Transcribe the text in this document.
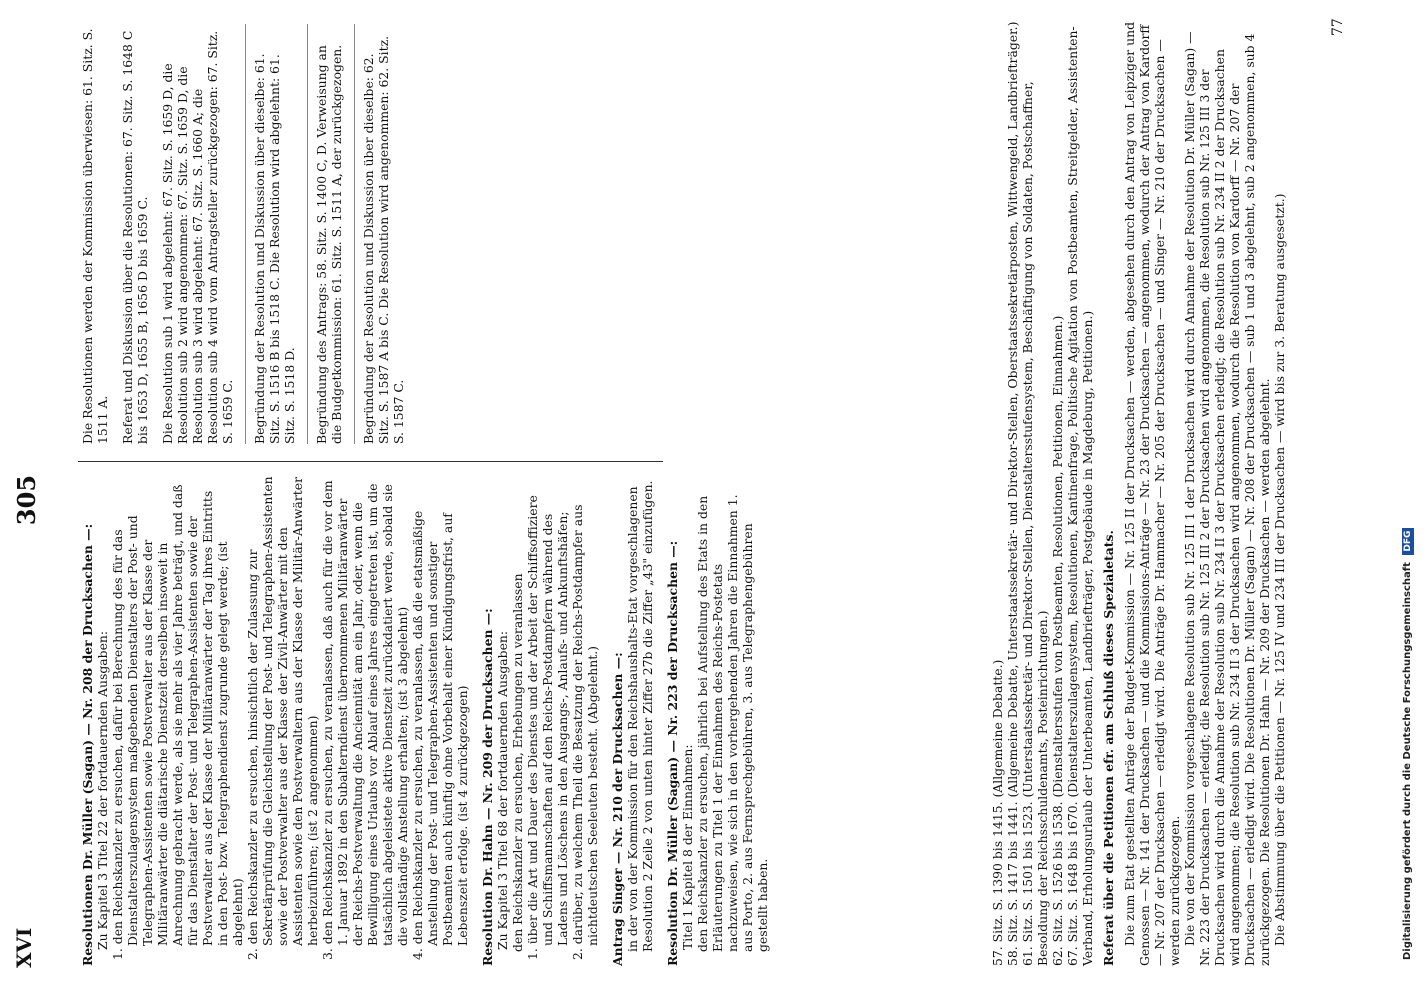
XVI
305
Resolutionen Dr. Müller (Sagan) — Nr. 208 der Drucksachen —: Zu Kapitel 3 Titel 22 der fortdauernden Ausgaben: 1. den Reichskanzler zu ersuchen, dafür bei Berechnung des für das Dienstalterszulagensystem maßgebenden Dienstalters der Post- und Telegraphen-Assistenten sowie Postverwalter aus der Klasse der Militäranwärter die diätarische Dienstzeit derselben insoweit in Anrechnung gebracht werde, als sie mehr als vier Jahre beträgt, und daß für das Dienstalter der Post- und Telegraphen-Assistenten sowie der Postverwalter aus der Klasse der Militäranwärter der Tag ihres Eintritts in den Post- bzw. Telegraphendienst zugrunde gelegt werde; (ist abgelehnt) 2. den Reichskanzler zu ersuchen, hinsichtlich der Zulassung zur Sekretärprüfung die Gleichstellung der Post- und Telegraphen-Assistenten sowie der Postverwalter aus der Klasse der Zivil-Anwärter mit den Assistenten sowie den Postverwaltern aus der Klasse der Militär-Anwärter herbeizuführen; (ist 2 angenommen) 3. den Reichskanzler zu ersuchen, zu veranlassen, daß auch für die vor dem 1. Januar 1892 in den Subalterndienst übernommenen Militäranwärter der Reichs-Postverwaltung die Anciennität am ein Jahr, oder, wenn die Bewilligung eines Urlaubs vor Ablauf eines Jahres eingetreten ist, um die tatsächlich abgeleistete aktive Dienstzeit zurückdatiert werde, sobald sie die vollständige Anstellung erhalten; (ist 3 abgelehnt) 4. den Reichskanzler zu ersuchen, zu veranlassen, daß die etatsmäßige Anstellung der Post- und Telegraphen-Assistenten und sonstiger Postbeamten auch künftig ohne Vorbehalt einer Kündigungsfrist, auf Lebenszeit erfolge. (ist 4 zurückgezogen) Resolution Dr. Hahn — Nr. 209 der Drucksachen —: Zu Kapitel 3 Titel 68 der fortdauernden Ausgaben: den Reichskanzler zu ersuchen, Erhebungen zu veranlassen 1. über die Art und Dauer des Dienstes und der Arbeit der Schiffsoffiziere und Schiffsmannschaften auf den Reichs-Postdampfern während des Ladens und Löschens in den Ausgangs-, Anlaufs- und Ankunftshäfen; 2. darüber, zu welchem Theil die Besatzung der Reichs-Postdampfer aus nichtdeutschen Seeleuten besteht. (Abgelehnt.) Antrag Singer — Nr. 210 der Drucksachen —: in der von der Kommission für den Reichshaushalts-Etat vorgeschlagenen Resolution 2 Zeile 2 von unten hinter Ziffer 27b die Ziffer „43" einzufügen. Resolution Dr. Müller (Sagan) — Nr. 223 der Drucksachen —: Titel 1 Kapitel 8 der Einnahmen: den Reichskanzler zu ersuchen, jährlich bei Aufstellung des Etats in den Erläuterungen zu Titel 1 der Einnahmen des Reichs-Postetats nachzuweisen, wie sich in den vorhergehenden Jahren die Einnahmen 1. aus Porto, 2. aus Fernsprechgebühren, 3. aus Telegraphengebühren gestellt haben.
Die Resolutionen werden der Kommission überwiesen: 61. Sitz. S. 1511 A. Referat und Diskussion über die Resolutionen: 67. Sitz. S. 1648 C bis 1653 D, 1655 B, 1656 D bis 1659 C. Die Resolution sub 1 wird abgelehnt: 67. Sitz. S. 1659 D, die Resolution sub 2 wird angenommen: 67. Sitz. S. 1659 D, die Resolution sub 3 wird abgelehnt: 67. Sitz. S. 1660 A; die Resolution sub 4 wird vom Antragsteller zurückgezogen: 67. Sitz. S. 1659 C. Begründung der Resolution und Diskussion über dieselbe: 61. Sitz. S. 1516 B bis 1518 C. Die Resolution wird abgelehnt: 61. Sitz. S. 1518 D. Begründung des Antrags: 58. Sitz. S. 1400 C, D. Verweisung an die Budgetkommission: 61. Sitz. S. 1511 A, der zurückgezogen. Begründung der Resolution und Diskussion über dieselbe: 62. Sitz. S. 1587 A bis C. Die Resolution wird angenommen: 62. Sitz. S. 1587 C.
57. Sitz. S. 1390 bis 1415. (Allgemeine Debatte.) 58. Sitz. S. 1417 bis 1441. (Allgemeine Debatte, Unterstaatssekretär- und Direktor-Stellen, Oberstaatssekretärposten, Wittwengeld, Landbriefträger.) 61. Sitz. S. 1501 bis 1523. (Unterstaatssekretär- und Direktor-Stellen, Dienstaltersstufensystem, Beschäftigung von Soldaten, Postschaffner, Besoldung der Reichsschuldenamts, Posteinrichtungen.) 62. Sitz. S. 1526 bis 1538. (Dienstaltersstufen von Postbeamten, Resolutionen, Petitionen, Einnahmen.) 67. Sitz. S. 1648 bis 1670. (Dienstalterszulagensystem, Resolutionen, Kantinenfrage, Politische Agitation von Postbeamten, Streitgelder, Assistenten-Verband, Erholungsurlaub der Unterbeamten, Landbriefträger, Postgebäude in Magdeburg, Petitionen.) Referat über die Petitionen efr. am Schluß dieses Spezialetats. Die zum Etat gestellten Anträge der Budget-Kommission — Nr. 125 II der Drucksachen — werden, abgesehen durch den Antrag von Leipziger und Genossen — Nr. 141 der Drucksachen — und die Kommissions-Anträge — Nr. 23 der Drucksachen — angenommen, wodurch der Antrag von Kardorff — Nr. 207 der Drucksachen — erledigt wird. Die Anträge Dr. Hammacher — Nr. 205 der Drucksachen — und Singer — Nr. 210 der Drucksachen — werden zurückgezogen. Die von der Kommission vorgeschlagene Resolution sub Nr. 125 III 1 der Drucksachen wird durch Annahme der Resolution Dr. Müller (Sagan) — Nr. 223 der Drucksachen — erledigt; die Resolution sub Nr. 125 III 2 der Drucksachen wird angenommen, die Resolution sub Nr. 125 III 3 der Drucksachen wird durch die Annahme der Resolution sub Nr. 234 II 3 der Drucksachen erledigt; die Resolution sub Nr. 234 II 2 der Drucksachen wird angenommen; die Resolution sub Nr. 234 II 3 der Drucksachen wird angenommen, wodurch die Resolution von Kardorff — Nr. 207 der Drucksachen — erledigt wird. Die Resolutionen Dr. Müller (Sagan) — Nr. 208 der Drucksachen — sub 1 und 3 abgelehnt, sub 2 angenommen, sub 4 zurückgezogen. Die Resolutionen Dr. Hahn — Nr. 209 der Drucksachen — werden abgelehnt. Die Abstimmung über die Petitionen — Nr. 125 IV und 234 III der Drucksachen — wird bis zur 3. Beratung ausgesetzt.)
77
Digitalisierung gefördert durch die Deutsche Forschungsgemeinschaft DFG
